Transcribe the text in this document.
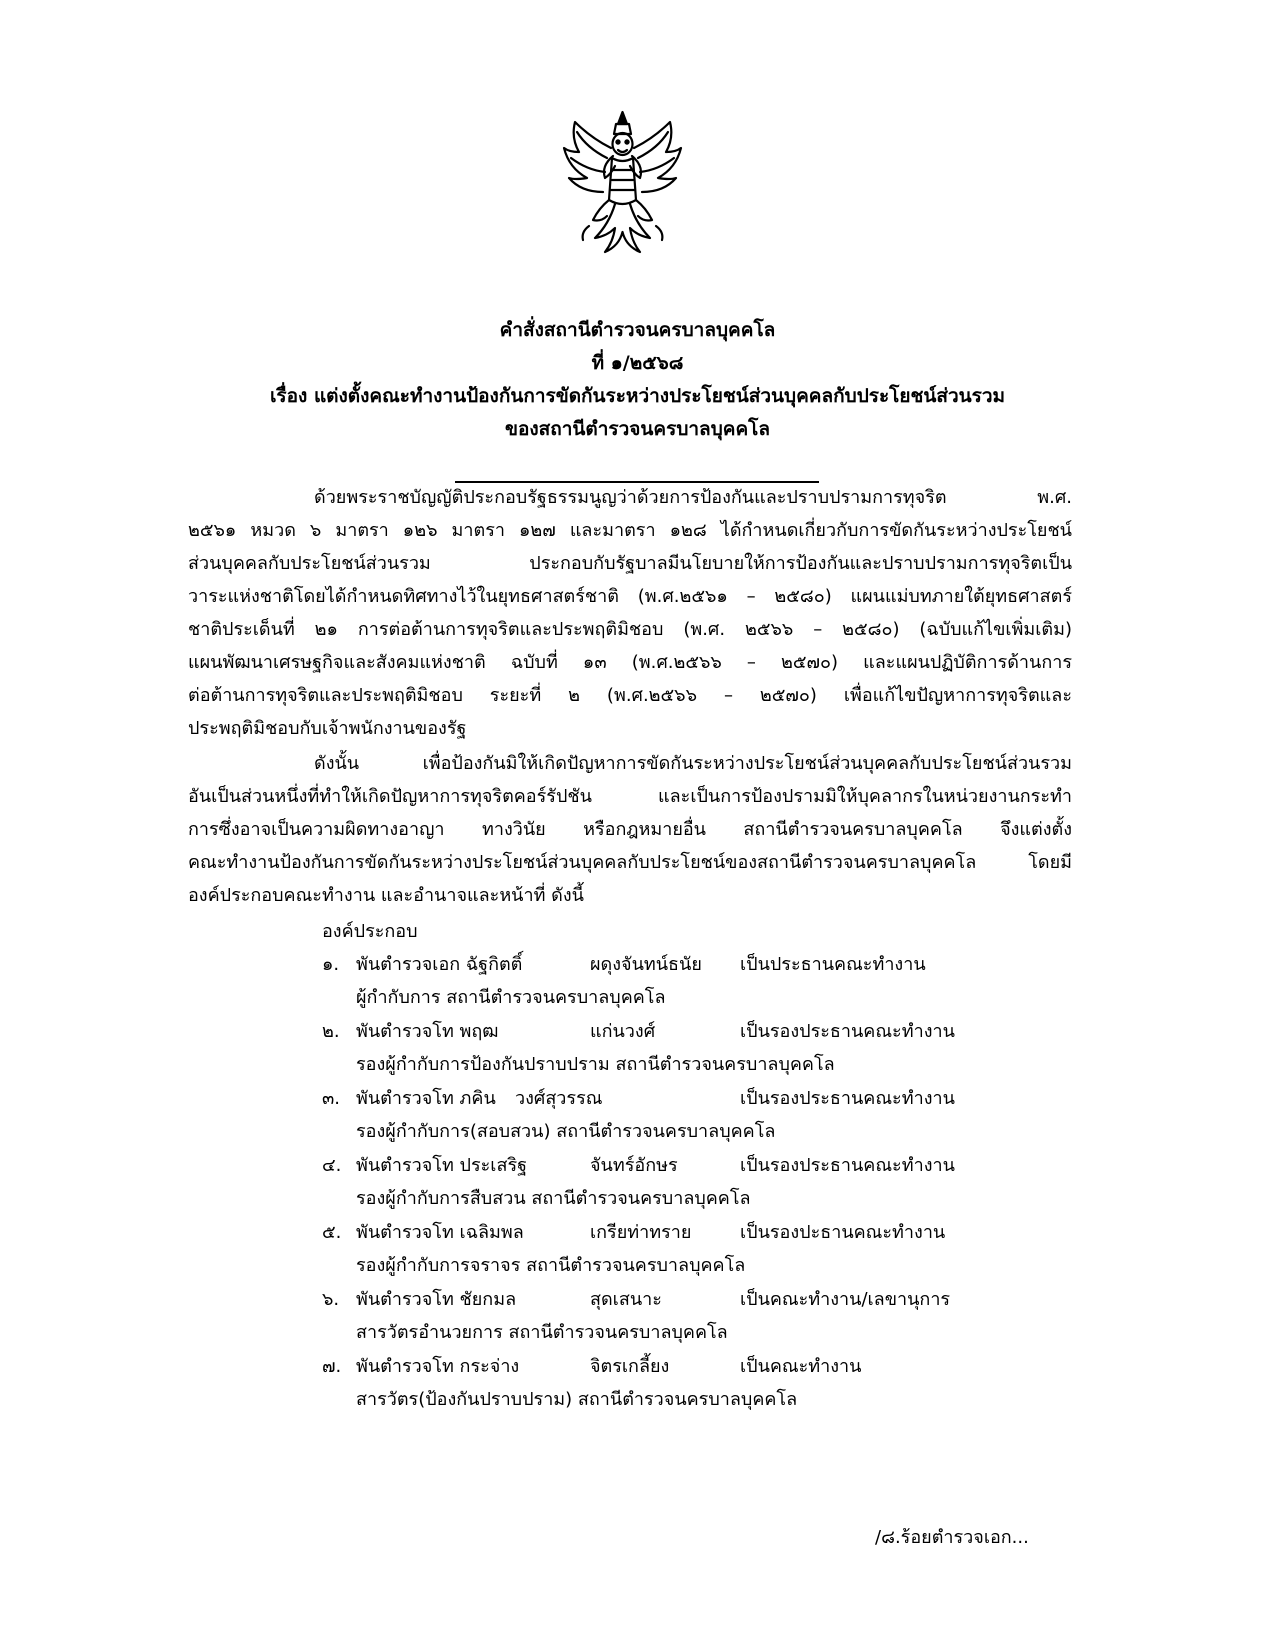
คำสั่งสถานีตำรวจนครบาลบุคคโล
ที่ ๑/๒๕๖๘
เรื่อง แต่งตั้งคณะทำงานป้องกันการขัดกันระหว่างประโยชน์ส่วนบุคคลกับประโยชน์ส่วนรวม
ของสถานีตำรวจนครบาลบุคคโล
ด้วยพระราชบัญญัติประกอบรัฐธรรมนูญว่าด้วยการป้องกันและปราบปรามการทุจริต พ.ศ.
๒๕๖๑ หมวด ๖ มาตรา ๑๒๖ มาตรา ๑๒๗ และมาตรา ๑๒๘ ได้กำหนดเกี่ยวกับการขัดกันระหว่างประโยชน์
ส่วนบุคคลกับประโยชน์ส่วนรวม ประกอบกับรัฐบาลมีนโยบายให้การป้องกันและปราบปรามการทุจริตเป็น
วาระแห่งชาติโดยได้กำหนดทิศทางไว้ในยุทธศาสตร์ชาติ (พ.ศ.๒๕๖๑ – ๒๕๘๐) แผนแม่บทภายใต้ยุทธศาสตร์
ชาติประเด็นที่ ๒๑ การต่อต้านการทุจริตและประพฤติมิชอบ (พ.ศ. ๒๕๖๖ – ๒๕๘๐) (ฉบับแก้ไขเพิ่มเติม)
แผนพัฒนาเศรษฐกิจและสังคมแห่งชาติ ฉบับที่ ๑๓ (พ.ศ.๒๕๖๖ – ๒๕๗๐) และแผนปฏิบัติการด้านการ
ต่อต้านการทุจริตและประพฤติมิชอบ ระยะที่ ๒ (พ.ศ.๒๕๖๖ – ๒๕๗๐) เพื่อแก้ไขปัญหาการทุจริตและ
ประพฤติมิชอบกับเจ้าพนักงานของรัฐ
ดังนั้น เพื่อป้องกันมิให้เกิดปัญหาการขัดกันระหว่างประโยชน์ส่วนบุคคลกับประโยชน์ส่วนรวม
อันเป็นส่วนหนึ่งที่ทำให้เกิดปัญหาการทุจริตคอร์รัปชัน และเป็นการป้องปรามมิให้บุคลากรในหน่วยงานกระทำ
การซึ่งอาจเป็นความผิดทางอาญา ทางวินัย หรือกฎหมายอื่น สถานีตำรวจนครบาลบุคคโล จึงแต่งตั้ง
คณะทำงานป้องกันการขัดกันระหว่างประโยชน์ส่วนบุคคลกับประโยชน์ของสถานีตำรวจนครบาลบุคคโล โดยมี
องค์ประกอบคณะทำงาน และอำนาจและหน้าที่ ดังนี้
องค์ประกอบ
๑. พันตำรวจเอก ฉัฐกิตติ์	ผดุงจันทน์ธนัย เป็นประธานคณะทำงาน
ผู้กำกับการ สถานีตำรวจนครบาลบุคคโล
๒. พันตำรวจโท พฤฒ	แก่นวงศ์	เป็นรองประธานคณะทำงาน
รองผู้กำกับการป้องกันปราบปราม สถานีตำรวจนครบาลบุคคโล
๓. พันตำรวจโท ภคิน วงศ์สุวรรณ	เป็นรองประธานคณะทำงาน
รองผู้กำกับการ(สอบสวน) สถานีตำรวจนครบาลบุคคโล
๔. พันตำรวจโท ประเสริฐ	จันทร์อักษร	เป็นรองประธานคณะทำงาน
รองผู้กำกับการสืบสวน สถานีตำรวจนครบาลบุคคโล
๕. พันตำรวจโท เฉลิมพล	เกรียท่าทราย	เป็นรองปะธานคณะทำงาน
รองผู้กำกับการจราจร สถานีตำรวจนครบาลบุคคโล
๖. พันตำรวจโท ชัยกมล	สุดเสนาะ	เป็นคณะทำงาน/เลขานุการ
สารวัตรอำนวยการ สถานีตำรวจนครบาลบุคคโล
๗. พันตำรวจโท กระจ่าง	จิตรเกลี้ยง	เป็นคณะทำงาน
สารวัตร(ป้องกันปราบปราม) สถานีตำรวจนครบาลบุคคโล
/๘.ร้อยตำรวจเอก...
